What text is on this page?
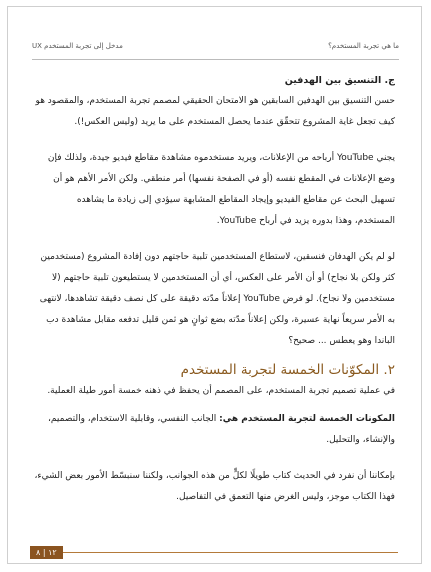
ما هي تجربة المستخدم؟
مدخل إلى تجربة المستخدم UX

ج. التنسيق بين الهدفين

حسن التنسيق بين الهدفين السابقين هو الامتحان الحقيقي لمصمم تجربة المستخدم، والمقصود هو كيف تجعل غاية المشروع تتحقّق عندما يحصل المستخدم على ما يريد (وليس العكس!).

يجني YouTube أرباحه من الإعلانات، ويريد مستخدموه مشاهدة مقاطع فيديو جيدة، ولذلك فإن وضع الإعلانات في المقطع نفسه (أو في الصفحة نفسها) أمر منطقي. ولكن الأمر الأهم هو أن تسهيل البحث عن مقاطع الفيديو وإيجاد المقاطع المشابهة سيؤدي إلى زيادة ما يشاهده المستخدم، وهذا بدوره يزيد في أرباح YouTube.

لو لم يكن الهدفان فنسقين، لاستطاع المستخدمين تلبية حاجتهم دون إفادة المشروع (مستخدمين كثر ولكن بلا نجاح) أو أن الأمر على العكس، أي أن المستخدمين لا يستطيعون تلبية حاجتهم (لا مستخدمين ولا نجاح). لو فرض YouTube إعلاناً مدّته دقيقة على كل نصف دقيقة تشاهدها، لانتهى به الأمر سريعاً نهاية عسيرة، ولكن إعلاناً مدّته بضع ثوانٍ هو ثمن قليل تدفعه مقابل مشاهدة دب الباندا وهو يعطس ... صحيح؟

٢. المكوّنات الخمسة لتجربة المستخدم

في عملية تصميم تجربة المستخدم، على المصمم أن يحفظ في ذهنه خمسة أمور طيلة العملية.

المكونات الخمسة لتجربة المستخدم هي: الجانب النفسي، وقابلية الاستخدام، والتصميم، والإنشاء، والتحليل.

بإمكاننا أن نفرد في الحديث كتاب طويلًا لكلٍّ من هذه الجوانب، ولكننا سنبسّط الأمور بعض الشيء، فهذا الكتاب موجز، وليس الغرض منها التعمق في التفاصيل.

١٢ | ٨
